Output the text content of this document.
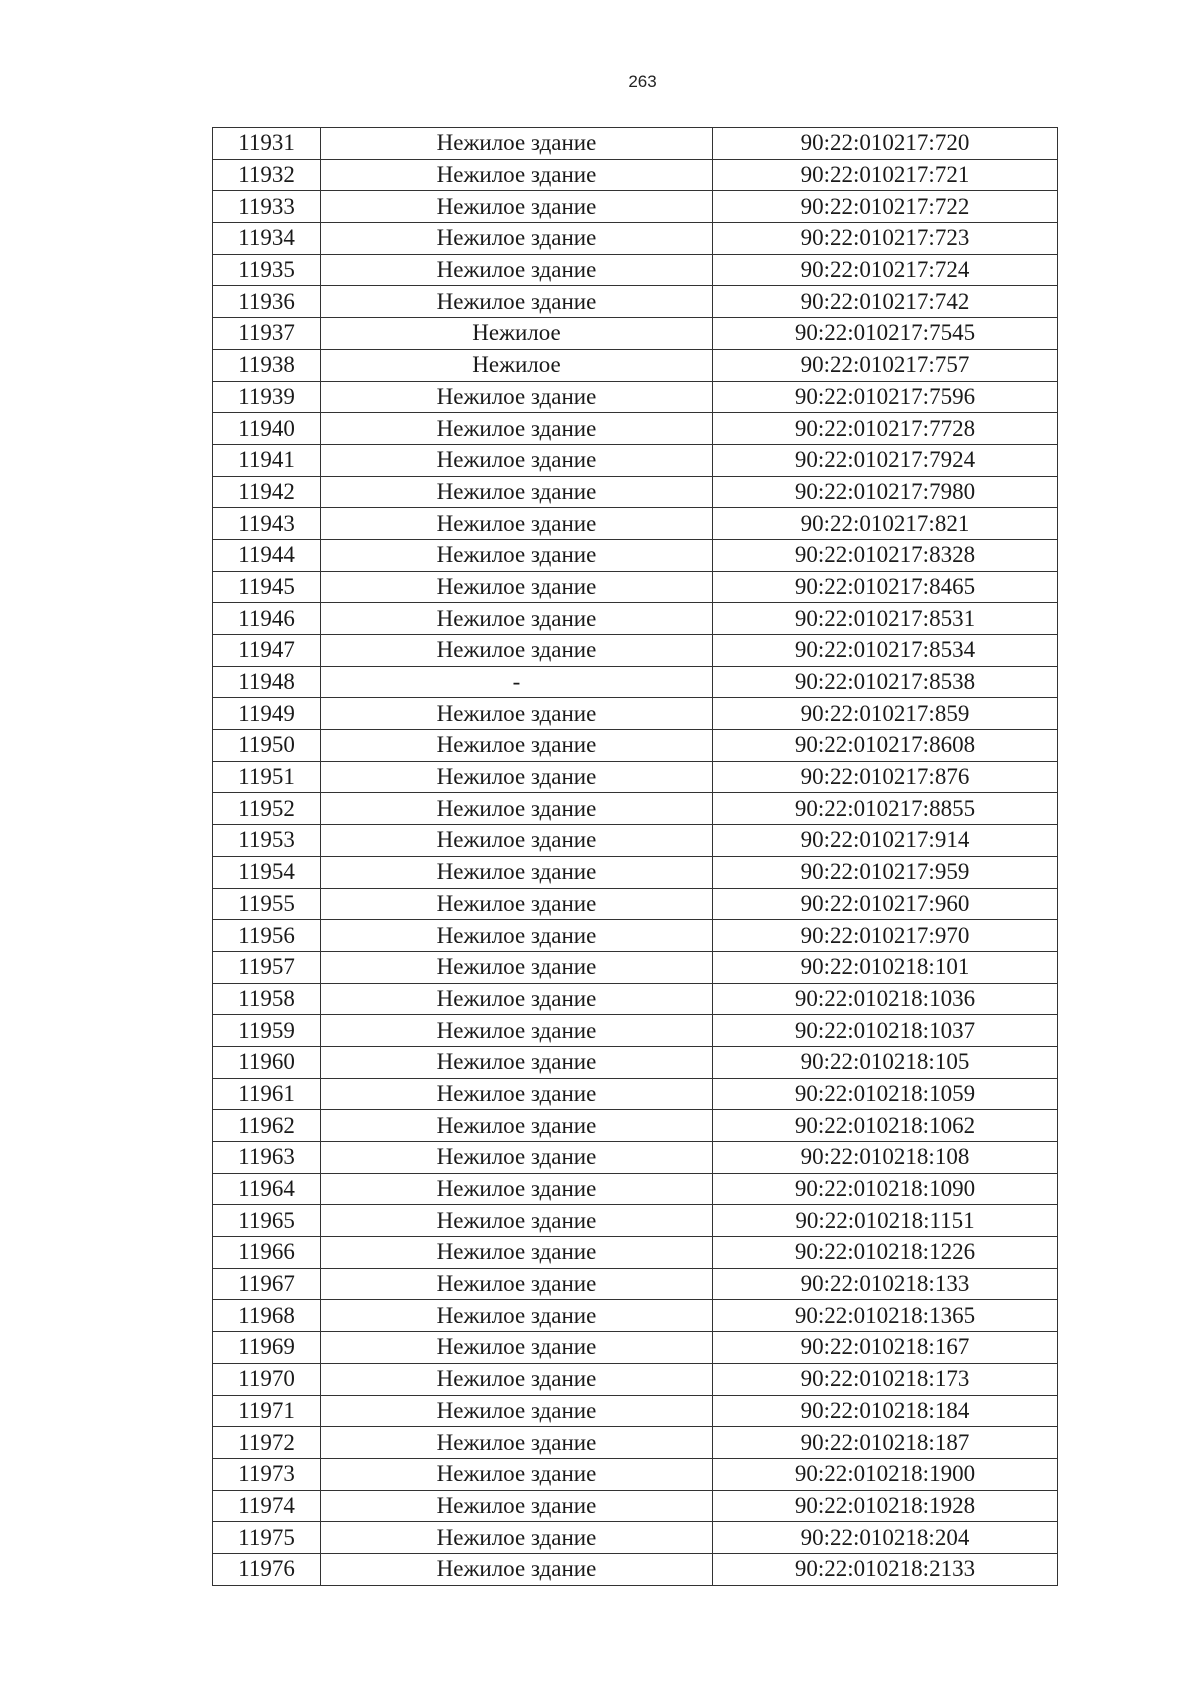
263
11931	Нежилое здание	90:22:010217:720
11932	Нежилое здание	90:22:010217:721
11933	Нежилое здание	90:22:010217:722
11934	Нежилое здание	90:22:010217:723
11935	Нежилое здание	90:22:010217:724
11936	Нежилое здание	90:22:010217:742
11937	Нежилое	90:22:010217:7545
11938	Нежилое	90:22:010217:757
11939	Нежилое здание	90:22:010217:7596
11940	Нежилое здание	90:22:010217:7728
11941	Нежилое здание	90:22:010217:7924
11942	Нежилое здание	90:22:010217:7980
11943	Нежилое здание	90:22:010217:821
11944	Нежилое здание	90:22:010217:8328
11945	Нежилое здание	90:22:010217:8465
11946	Нежилое здание	90:22:010217:8531
11947	Нежилое здание	90:22:010217:8534
11948	-	90:22:010217:8538
11949	Нежилое здание	90:22:010217:859
11950	Нежилое здание	90:22:010217:8608
11951	Нежилое здание	90:22:010217:876
11952	Нежилое здание	90:22:010217:8855
11953	Нежилое здание	90:22:010217:914
11954	Нежилое здание	90:22:010217:959
11955	Нежилое здание	90:22:010217:960
11956	Нежилое здание	90:22:010217:970
11957	Нежилое здание	90:22:010218:101
11958	Нежилое здание	90:22:010218:1036
11959	Нежилое здание	90:22:010218:1037
11960	Нежилое здание	90:22:010218:105
11961	Нежилое здание	90:22:010218:1059
11962	Нежилое здание	90:22:010218:1062
11963	Нежилое здание	90:22:010218:108
11964	Нежилое здание	90:22:010218:1090
11965	Нежилое здание	90:22:010218:1151
11966	Нежилое здание	90:22:010218:1226
11967	Нежилое здание	90:22:010218:133
11968	Нежилое здание	90:22:010218:1365
11969	Нежилое здание	90:22:010218:167
11970	Нежилое здание	90:22:010218:173
11971	Нежилое здание	90:22:010218:184
11972	Нежилое здание	90:22:010218:187
11973	Нежилое здание	90:22:010218:1900
11974	Нежилое здание	90:22:010218:1928
11975	Нежилое здание	90:22:010218:204
11976	Нежилое здание	90:22:010218:2133
